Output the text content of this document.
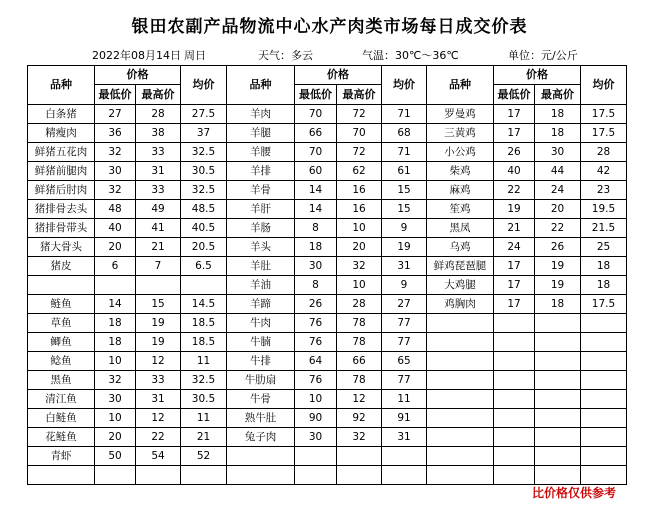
银田农副产品物流中心水产肉类市场每日成交价表
2022年08月14日 周日	天气：多云	气温：30℃～36℃	单位：元/公斤
品种	价格		均价	品种	价格		均价	品种	价格		均价
	最低价	最高价			最低价	最高价			最低价	最高价	
白条猪	27	28	27.5	羊肉	70	72	71	罗曼鸡	17	18	17.5
精瘦肉	36	38	37	羊腿	66	70	68	三黄鸡	17	18	17.5
鲜猪五花肉	32	33	32.5	羊腰	70	72	71	小公鸡	26	30	28
鲜猪前腿肉	30	31	30.5	羊排	60	62	61	柴鸡	40	44	42
鲜猪后肘肉	32	33	32.5	羊骨	14	16	15	麻鸡	22	24	23
猪排骨去头	48	49	48.5	羊肝	14	16	15	笙鸡	19	20	19.5
猪排骨带头	40	41	40.5	羊肠	8	10	9	黑凤	21	22	21.5
猪大骨头	20	21	20.5	羊头	18	20	19	乌鸡	24	26	25
猪皮	6	7	6.5	羊肚	30	32	31	鲜鸡琵琶腿	17	19	18
				羊油	8	10	9	大鸡腿	17	19	18
鲢鱼	14	15	14.5	羊蹄	26	28	27	鸡胸肉	17	18	17.5
草鱼	18	19	18.5	牛肉	76	78	77				
鲫鱼	18	19	18.5	牛腩	76	78	77				
鲶鱼	10	12	11	牛排	64	66	65				
黑鱼	32	33	32.5	牛肋扇	76	78	77				
清江鱼	30	31	30.5	牛骨	10	12	11				
白鲢鱼	10	12	11	熟牛肚	90	92	91				
花鲢鱼	20	22	21	兔子肉	30	32	31				
青虾	50	54	52								

比价格仅供参考
